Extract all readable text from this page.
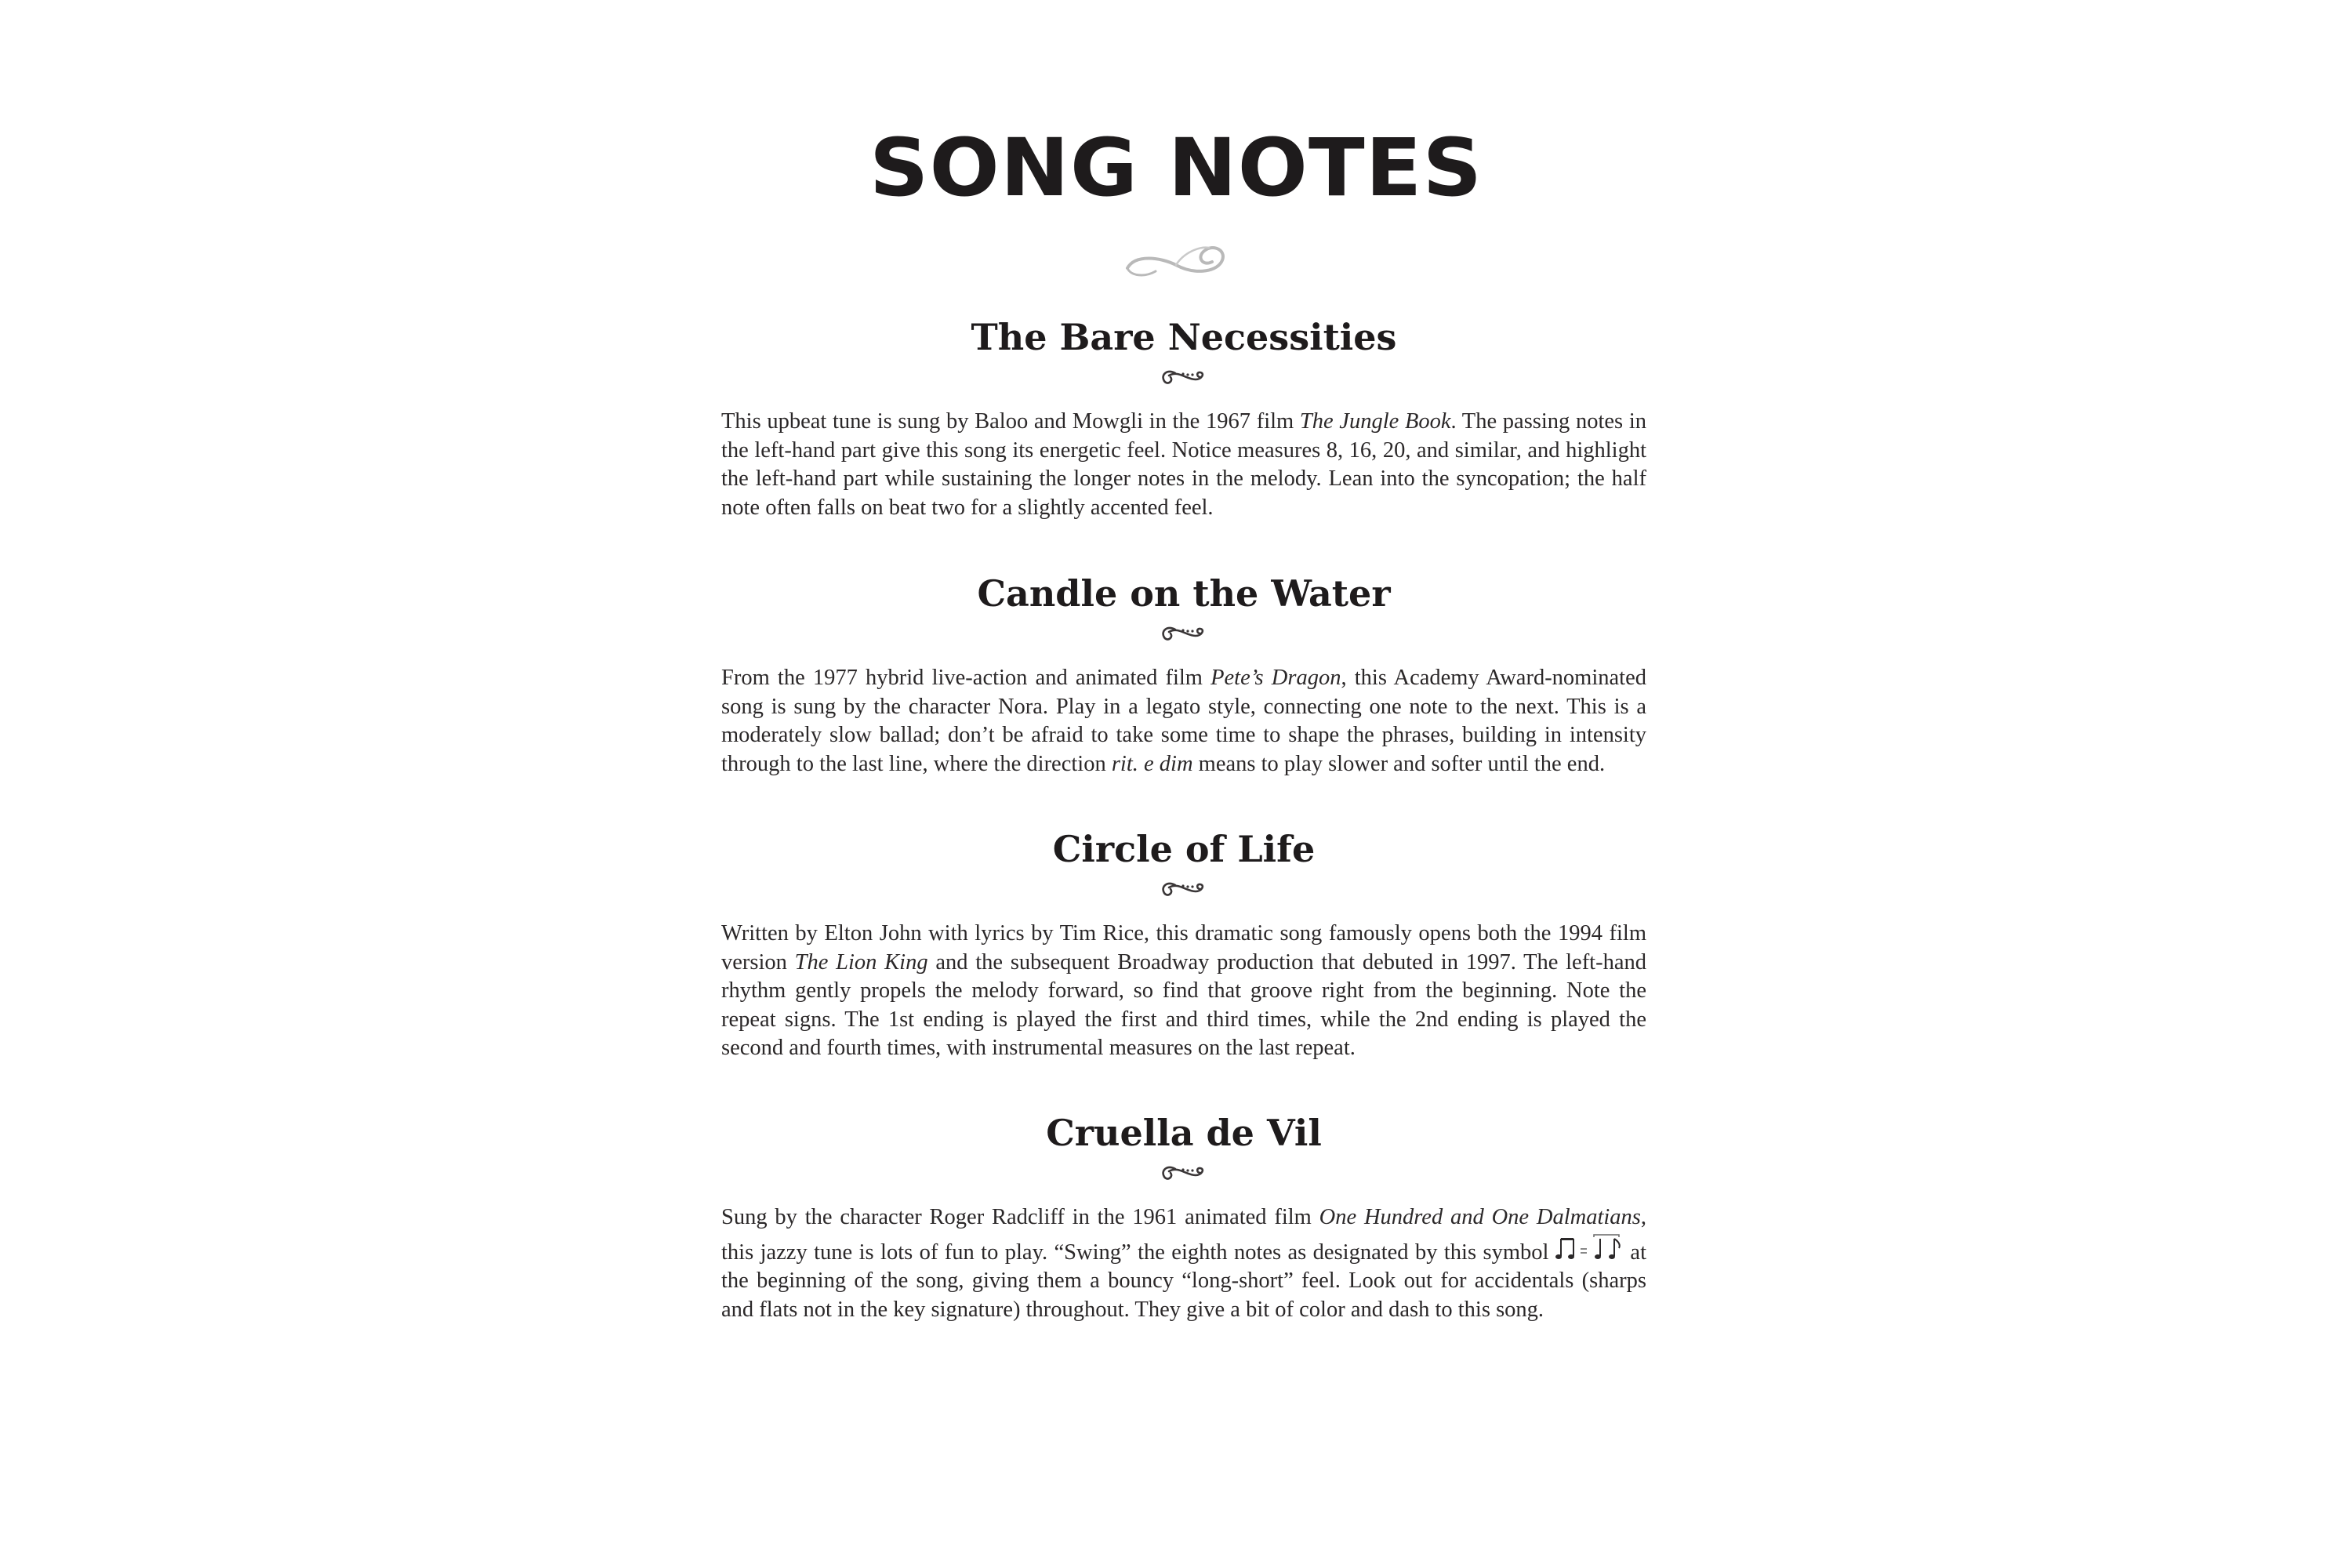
SONG NOTES
The Bare Necessities

This upbeat tune is sung by Baloo and Mowgli in the 1967 film The Jungle Book. The passing notes in the left-hand part give this song its energetic feel. Notice measures 8, 16, 20, and similar, and highlight the left-hand part while sustaining the longer notes in the melody. Lean into the syncopation; the half note often falls on beat two for a slightly accented feel.

Candle on the Water

From the 1977 hybrid live-action and animated film Pete’s Dragon, this Academy Award-nominated song is sung by the character Nora. Play in a legato style, connecting one note to the next. This is a moderately slow ballad; don’t be afraid to take some time to shape the phrases, building in intensity through to the last line, where the direction rit. e dim means to play slower and softer until the end.

Circle of Life

Written by Elton John with lyrics by Tim Rice, this dramatic song famously opens both the 1994 film version The Lion King and the subsequent Broadway production that debuted in 1997. The left-hand rhythm gently propels the melody forward, so find that groove right from the beginning. Note the repeat signs. The 1st ending is played the first and third times, while the 2nd ending is played the second and fourth times, with instrumental measures on the last repeat.

Cruella de Vil

Sung by the character Roger Radcliff in the 1961 animated film One Hundred and One Dalmatians, this jazzy tune is lots of fun to play. “Swing” the eighth notes as designated by this symbol	at the beginning of the song, giving them a bouncy “long-short” feel. Look out for accidentals (sharps and flats not in the key signature) throughout. They give a bit of color and dash to this song.
